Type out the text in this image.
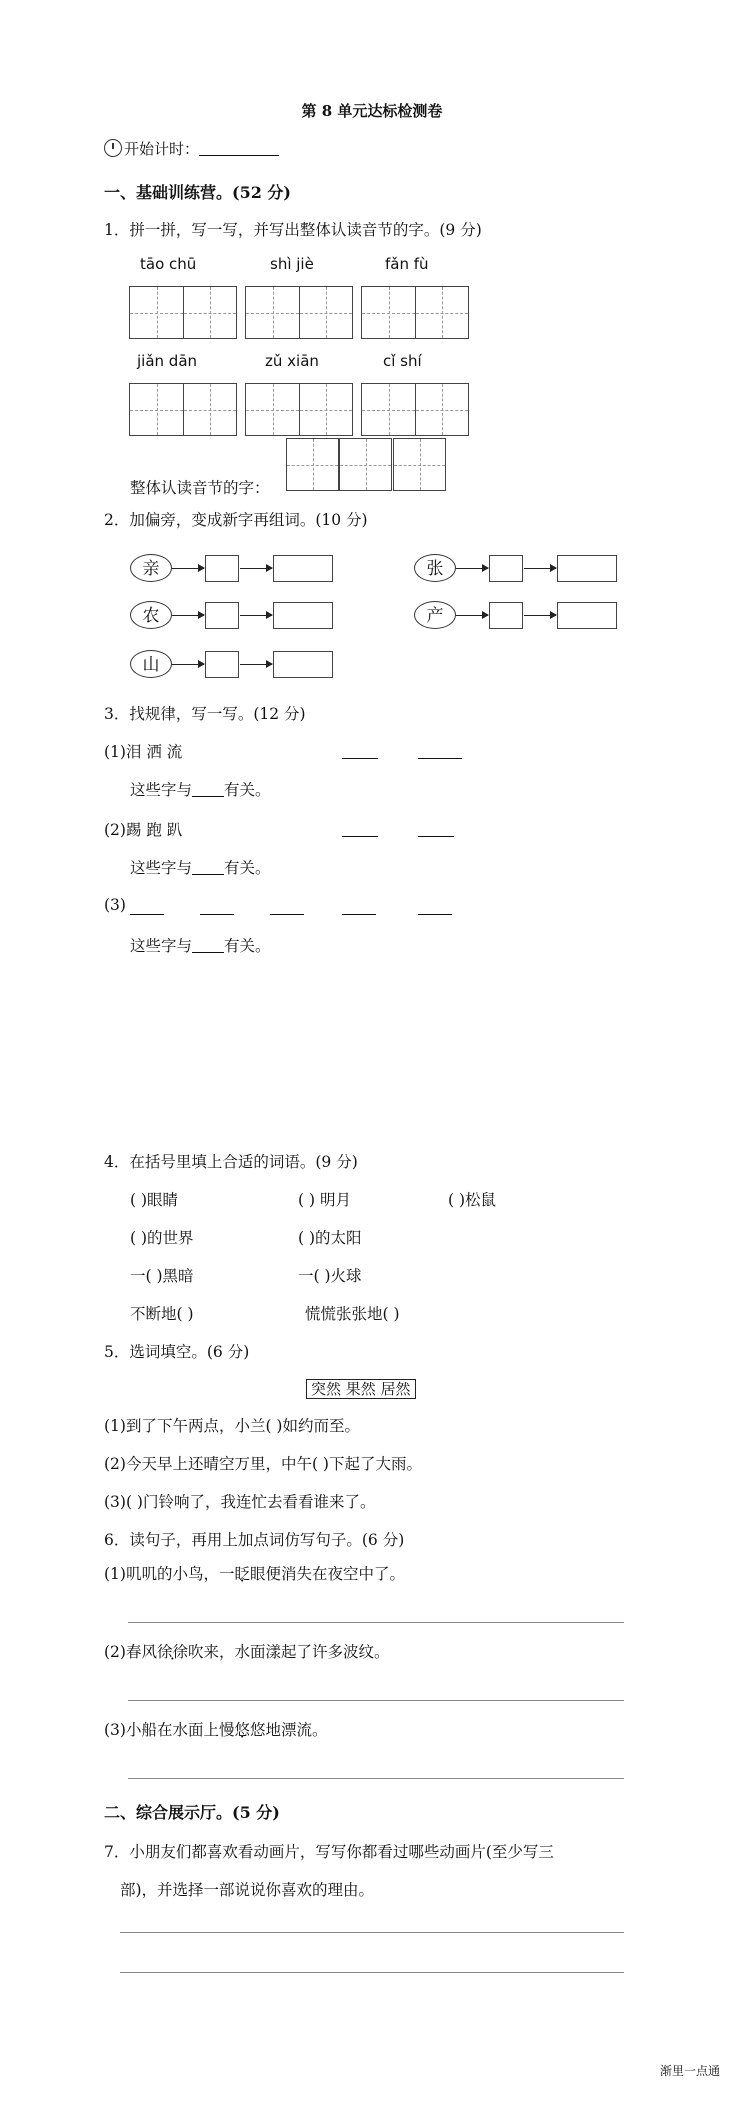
第 8 单元达标检测卷
开始计时：
一、基础训练营。(52 分)
1．拼一拼，写一写，并写出整体认读音节的字。(9 分)
tāo chū	shì jiè	fǎn fù
jiǎn dān	zǔ xiān	cǐ shí
整体认读音节的字：
2．加偏旁，变成新字再组词。(10 分)
亲	张
农	产
山
3．找规律，写一写。(12 分)
(1)泪 洒 流
这些字与 有关。
(2)踢 跑 趴
这些字与 有关。
(3)
这些字与 有关。
4．在括号里填上合适的词语。(9 分)
( )眼睛	( ) 明月	( )松鼠
( )的世界	( )的太阳
一( )黑暗	一( )火球
不断地( )	慌慌张张地( )
5．选词填空。(6 分)
突然 果然 居然
(1)到了下午两点，小兰( )如约而至。
(2)今天早上还晴空万里，中午( )下起了大雨。
(3)( )门铃响了，我连忙去看看谁来了。
6．读句子，再用上加点词仿写句子。(6 分)
(1)叽叽的小鸟，一眨眼便消失在夜空中了。
(2)春风徐徐吹来，水面漾起了许多波纹。
(3)小船在水面上慢悠悠地漂流。
二、综合展示厅。(5 分)
7．小朋友们都喜欢看动画片，写写你都看过哪些动画片(至少写三
部)，并选择一部说说你喜欢的理由。
渐里一点通
